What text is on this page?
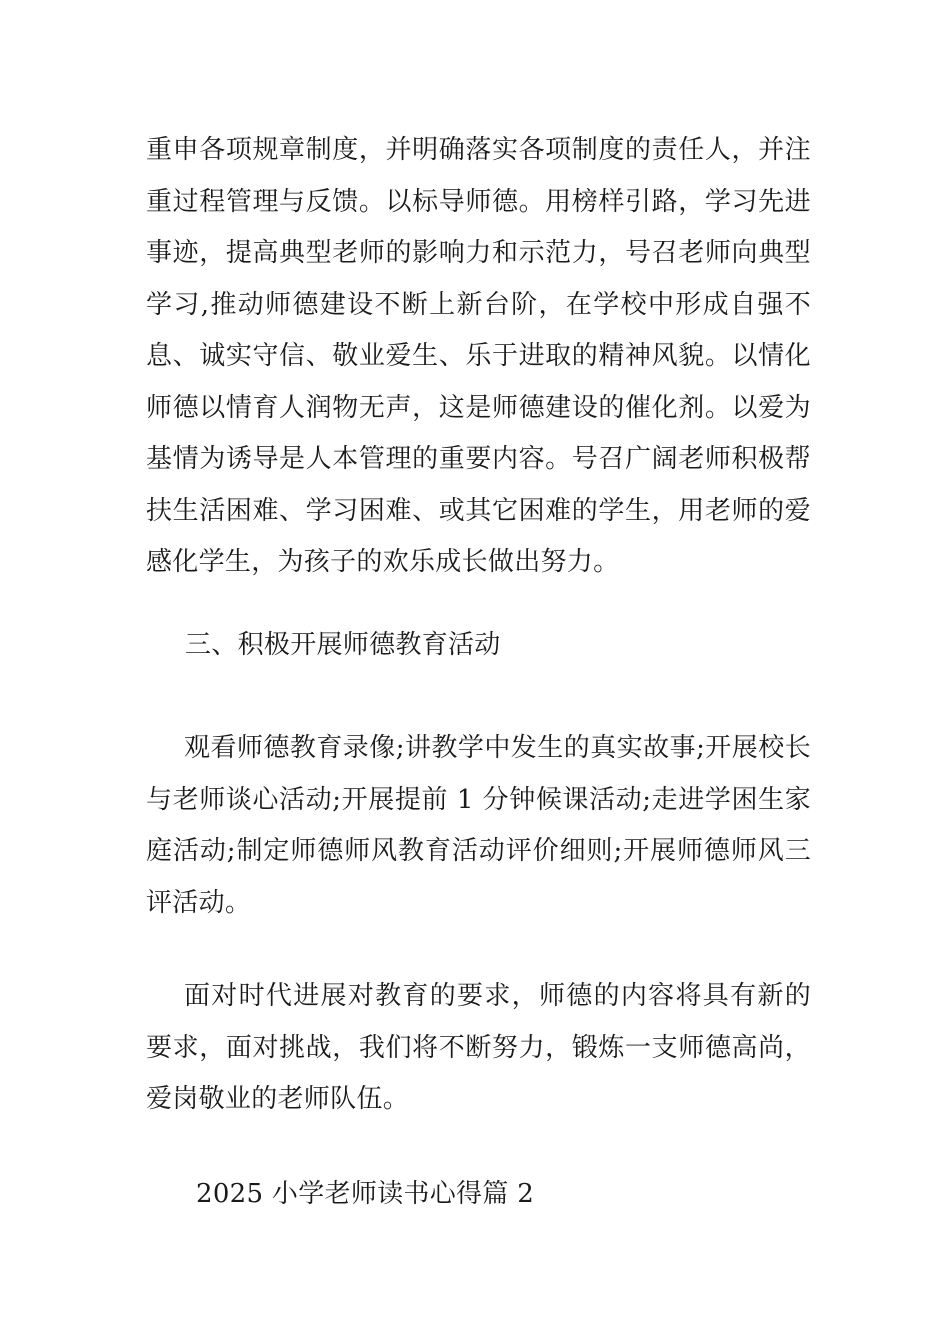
重申各项规章制度，并明确落实各项制度的责任人，并注重过程管理与反馈。以标导师德。用榜样引路，学习先进事迹，提高典型老师的影响力和示范力，号召老师向典型学习,推动师德建设不断上新台阶，在学校中形成自强不息、诚实守信、敬业爱生、乐于进取的精神风貌。以情化师德以情育人润物无声，这是师德建设的催化剂。以爱为基情为诱导是人本管理的重要内容。号召广阔老师积极帮扶生活困难、学习困难、或其它困难的学生，用老师的爱感化学生，为孩子的欢乐成长做出努力。

三、积极开展师德教育活动

观看师德教育录像;讲教学中发生的真实故事;开展校长与老师谈心活动;开展提前 1 分钟候课活动;走进学困生家庭活动;制定师德师风教育活动评价细则;开展师德师风三评活动。

面对时代进展对教育的要求，师德的内容将具有新的要求，面对挑战，我们将不断努力，锻炼一支师德高尚，爱岗敬业的老师队伍。

2025 小学老师读书心得篇 2
